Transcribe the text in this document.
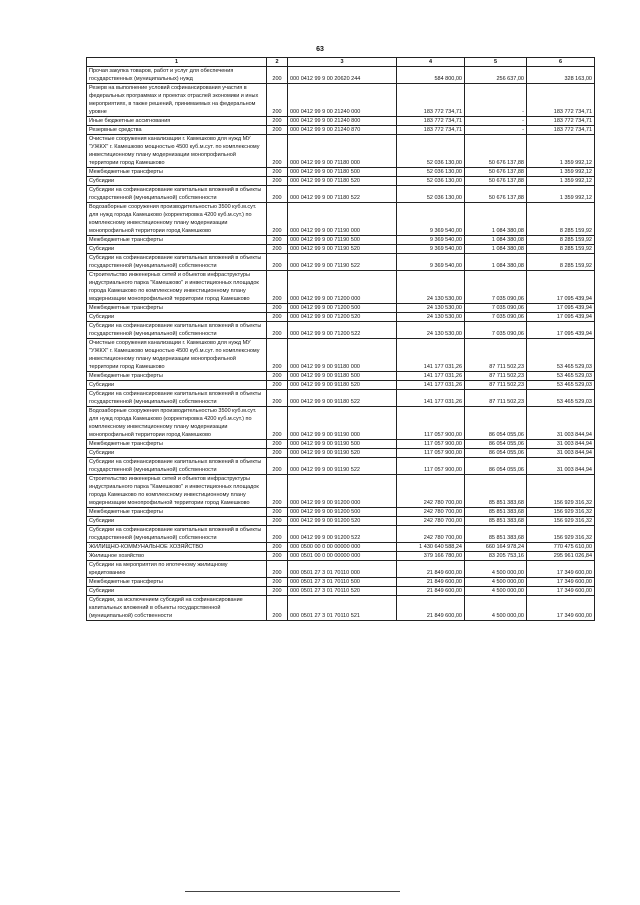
63
1	2	3	4	5	6
Прочая закупка товаров, работ и услуг для обеспечения государственных (муниципальных) нужд	200	000 0412 99 9 00 20620 244	584 800,00	256 637,00	328 163,00
Резерв на выполнение условий софинансирования участия в федеральных программах и проектах отраслей экономики и иных мероприятиях, в также решений, принимаемых на федеральном уровне	200	000 0412 99 9 00 21240 000	183 772 734,71	-	183 772 734,71
Иные бюджетные ассигнования	200	000 0412 99 9 00 21240 800	183 772 734,71	-	183 772 734,71
Резервные средства	200	000 0412 99 9 00 21240 870	183 772 734,71	-	183 772 734,71
Очистные сооружения канализации г. Камешково для нужд МУ "УЖКХ" г. Камешково мощностью 4500 куб.м.сут. по комплексному инвестиционному плану модернизации монопрофильной территории город Камешково	200	000 0412 99 9 00 71180 000	52 036 130,00	50 676 137,88	1 359 992,12
Межбюджетные трансферты	200	000 0412 99 9 00 71180 500	52 036 130,00	50 676 137,88	1 359 992,12
Субсидии	200	000 0412 99 9 00 71180 520	52 036 130,00	50 676 137,88	1 359 992,12
Субсидии на софинансирование капитальных вложений в объекты государственной (муниципальной) собственности	200	000 0412 99 9 00 71180 522	52 036 130,00	50 676 137,88	1 359 992,12
Водозаборные сооружения производительностью 3500 куб.м.сут. для нужд города Камешково (корректировка 4200 куб.м.сут.) по комплексному инвестиционному плану модернизации монопрофильной территории город Камешково	200	000 0412 99 9 00 71190 000	9 369 540,00	1 084 380,08	8 285 159,92
Межбюджетные трансферты	200	000 0412 99 9 00 71190 500	9 369 540,00	1 084 380,08	8 285 159,92
Субсидии	200	000 0412 99 9 00 71190 520	9 369 540,00	1 084 380,08	8 285 159,92
Субсидии на софинансирование капитальных вложений в объекты государственной (муниципальной) собственности	200	000 0412 99 9 00 71190 522	9 369 540,00	1 084 380,08	8 285 159,92
Строительство инженерных сетей и объектов инфраструктуры индустриального парка "Камешково" и инвестиционных площадок города Камешково по комплексному инвестиционному плану модернизации монопрофильной территории город Камешково	200	000 0412 99 9 00 71200 000	24 130 530,00	7 035 090,06	17 095 439,94
Межбюджетные трансферты	200	000 0412 99 9 00 71200 500	24 130 530,00	7 035 090,06	17 095 439,94
Субсидии	200	000 0412 99 9 00 71200 520	24 130 530,00	7 035 090,06	17 095 439,94
Субсидии на софинансирование капитальных вложений в объекты государственной (муниципальной) собственности	200	000 0412 99 9 00 71200 522	24 130 530,00	7 035 090,06	17 095 439,94
Очистные сооружения канализации г. Камешково для нужд МУ "УЖКХ" г. Камешково мощностью 4500 куб.м.сут. по комплексному инвестиционному плану модернизации монопрофильной территории город Камешково	200	000 0412 99 9 00 91180 000	141 177 031,26	87 711 502,23	53 465 529,03
Межбюджетные трансферты	200	000 0412 99 9 00 91180 500	141 177 031,26	87 711 502,23	53 465 529,03
Субсидии	200	000 0412 99 9 00 91180 520	141 177 031,26	87 711 502,23	53 465 529,03
Субсидии на софинансирование капитальных вложений в объекты государственной (муниципальной) собственности	200	000 0412 99 9 00 91180 522	141 177 031,26	87 711 502,23	53 465 529,03
Водозаборные сооружения производительностью 3500 куб.м.сут. для нужд города Камешково (корректировка 4200 куб.м.сут.) по комплексному инвестиционному плану модернизации монопрофильной территории город Камешково	200	000 0412 99 9 00 91190 000	117 057 900,00	86 054 055,06	31 003 844,94
Межбюджетные трансферты	200	000 0412 99 9 00 91190 500	117 057 900,00	86 054 055,06	31 003 844,94
Субсидии	200	000 0412 99 9 00 91190 520	117 057 900,00	86 054 055,06	31 003 844,94
Субсидии на софинансирование капитальных вложений в объекты государственной (муниципальной) собственности	200	000 0412 99 9 00 91190 522	117 057 900,00	86 054 055,06	31 003 844,94
Строительство инженерных сетей и объектов инфраструктуры индустриального парка "Камешково" и инвестиционных площадок города Камешково по комплексному инвестиционному плану модернизации монопрофильной территории город Камешково	200	000 0412 99 9 00 91200 000	242 780 700,00	85 851 383,68	156 929 316,32
Межбюджетные трансферты	200	000 0412 99 9 00 91200 500	242 780 700,00	85 851 383,68	156 929 316,32
Субсидии	200	000 0412 99 9 00 91200 520	242 780 700,00	85 851 383,68	156 929 316,32
Субсидии на софинансирование капитальных вложений в объекты государственной (муниципальной) собственности	200	000 0412 99 9 00 91200 522	242 780 700,00	85 851 383,68	156 929 316,32
ЖИЛИЩНО-КОММУНАЛЬНОЕ ХОЗЯЙСТВО	200	000 0500 00 0 00 00000 000	1 430 640 588,24	660 164 978,24	770 475 610,00
Жилищное хозяйство	200	000 0501 00 0 00 00000 000	379 166 780,00	83 205 753,16	295 961 026,84
Субсидии на мероприятия по ипотечному жилищному кредитованию	200	000 0501 27 3 01 70110 000	21 849 600,00	4 500 000,00	17 349 600,00
Межбюджетные трансферты	200	000 0501 27 3 01 70110 500	21 849 600,00	4 500 000,00	17 349 600,00
Субсидии	200	000 0501 27 3 01 70110 520	21 849 600,00	4 500 000,00	17 349 600,00
Субсидии, за исключением субсидий на софинансирование капитальных вложений в объекты государственной (муниципальной) собственности	200	000 0501 27 3 01 70110 521	21 849 600,00	4 500 000,00	17 349 600,00
